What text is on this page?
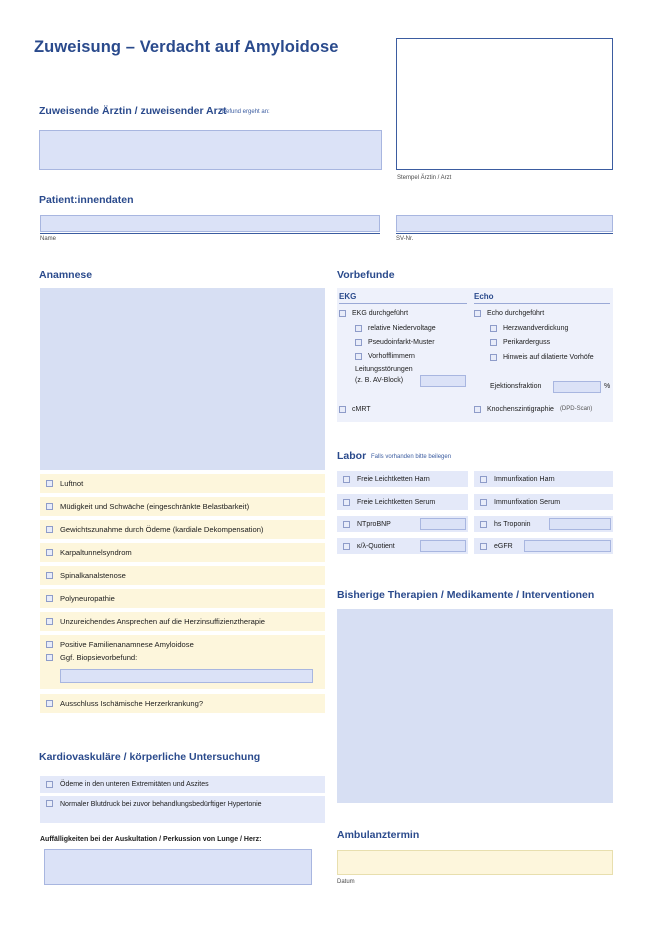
Zuweisung – Verdacht auf Amyloidose
Stempel Ärztin / Arzt
Zuweisende Ärztin / zuweisender Arzt
Befund ergeht an:
Patient:innendaten
Name	SV-Nr.
Anamnese
Luftnot
Müdigkeit und Schwäche (eingeschränkte Belastbarkeit)
Gewichtszunahme durch Ödeme (kardiale Dekompensation)
Karpaltunnelsyndrom
Spinalkanalstenose
Polyneuropathie
Unzureichendes Ansprechen auf die Herzinsuffizienztherapie
Positive Familienanamnese Amyloidose
Ggf. Biopsievorbefund:
Ausschluss Ischämische Herzerkrankung?
Kardiovaskuläre / körperliche Untersuchung
Ödeme in den unteren Extremitäten und Aszites
Normaler Blutdruck bei zuvor behandlungsbedürftiger Hypertonie
Auffälligkeiten bei der Auskultation / Perkussion von Lunge / Herz:
Vorbefunde
EKG	Echo
EKG durchgeführt
relative Niedervoltage
Pseudoinfarkt-Muster
Vorhofflimmern
Leitungsstörungen
(z. B. AV-Block)
Echo durchgeführt
Herzwandverdickung
Perikarderguss
Hinweis auf dilatierte Vorhöfe
Ejektionsfraktion	%
cMRT	Knochenszintigraphie (DPD-Scan)
Labor Falls vorhanden bitte beilegen
Freie Leichtketten Harn	Immunfixation Harn
Freie Leichtketten Serum	Immunfixation Serum
NTproBNP	hs Troponin
κ/λ-Quotient	eGFR
Bisherige Therapien / Medikamente / Interventionen
Ambulanztermin
Datum
